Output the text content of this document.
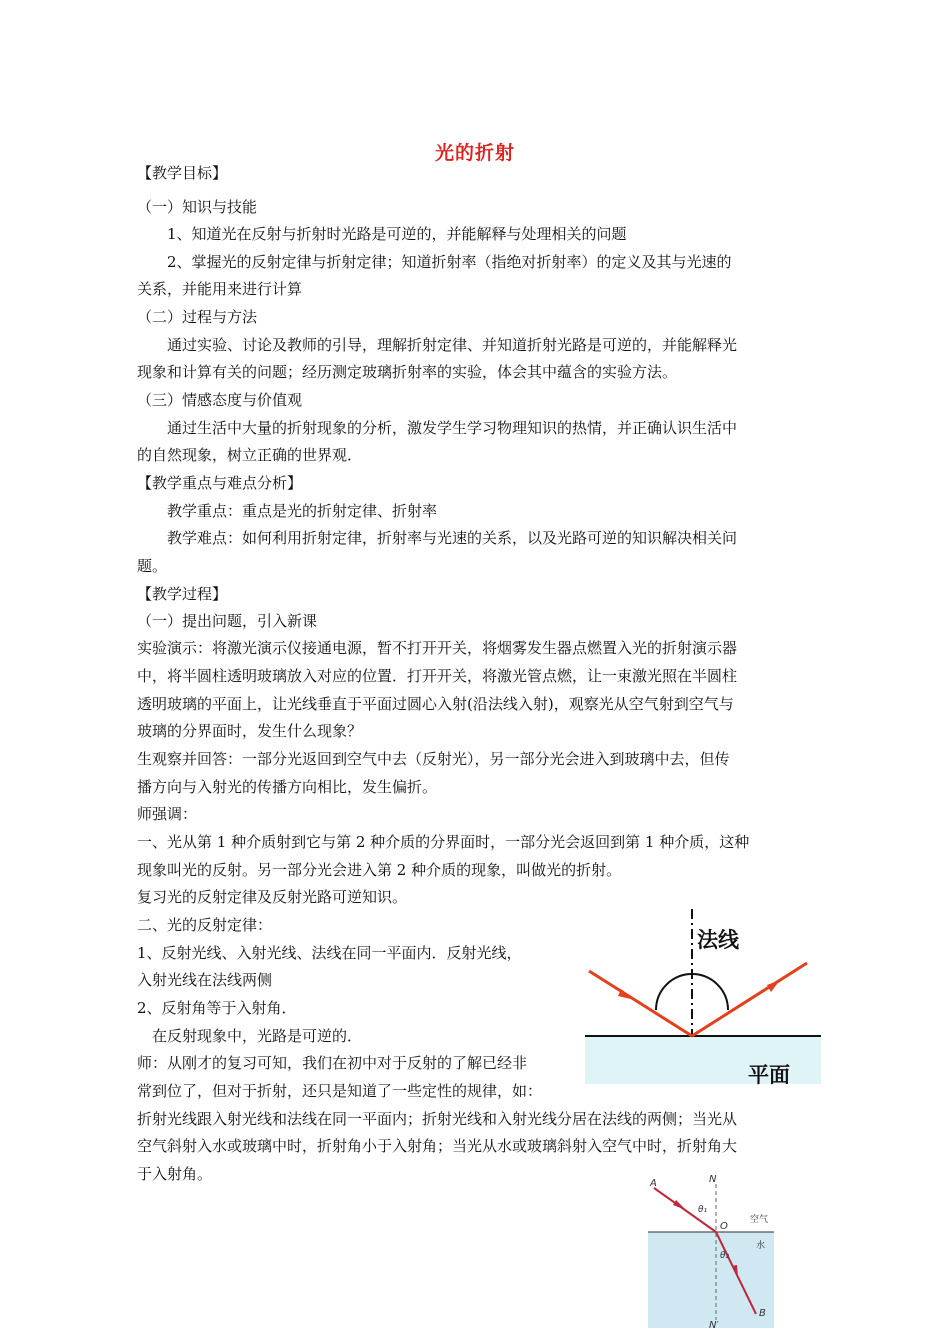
光的折射
【教学目标】
（一）知识与技能
1、知道光在反射与折射时光路是可逆的，并能解释与处理相关的问题
2、掌握光的反射定律与折射定律；知道折射率（指绝对折射率）的定义及其与光速的
关系，并能用来进行计算
（二）过程与方法
通过实验、讨论及教师的引导，理解折射定律、并知道折射光路是可逆的，并能解释光
现象和计算有关的问题；经历测定玻璃折射率的实验，体会其中蕴含的实验方法。
（三）情感态度与价值观
通过生活中大量的折射现象的分析，激发学生学习物理知识的热情，并正确认识生活中
的自然现象，树立正确的世界观．
【教学重点与难点分析】
教学重点：重点是光的折射定律、折射率
教学难点：如何利用折射定律，折射率与光速的关系，以及光路可逆的知识解决相关问
题。
【教学过程】
（一）提出问题，引入新课
实验演示：将激光演示仪接通电源，暂不打开开关，将烟雾发生器点燃置入光的折射演示器
中，将半圆柱透明玻璃放入对应的位置．打开开关，将激光管点燃，让一束激光照在半圆柱
透明玻璃的平面上，让光线垂直于平面过圆心入射(沿法线入射)，观察光从空气射到空气与
玻璃的分界面时，发生什么现象？
生观察并回答：一部分光返回到空气中去（反射光），另一部分光会进入到玻璃中去，但传
播方向与入射光的传播方向相比，发生偏折。
师强调：
一、光从第 1 种介质射到它与第 2 种介质的分界面时，一部分光会返回到第 1 种介质，这种
现象叫光的反射。另一部分光会进入第 2 种介质的现象，叫做光的折射。
复习光的反射定律及反射光路可逆知识。
二、光的反射定律：
1、反射光线、入射光线、法线在同一平面内．反射光线，
入射光线在法线两侧
2、反射角等于入射角．
在反射现象中，光路是可逆的．
师：从刚才的复习可知，我们在初中对于反射的了解已经非
常到位了，但对于折射，还只是知道了一些定性的规律，如：
折射光线跟入射光线和法线在同一平面内；折射光线和入射光线分居在法线的两侧；当光从
空气斜射入水或玻璃中时，折射角小于入射角；当光从水或玻璃斜射入空气中时，折射角大
于入射角。
法线
平面
A	N
θ₁
O
空气
水
θ₂
B
N′
